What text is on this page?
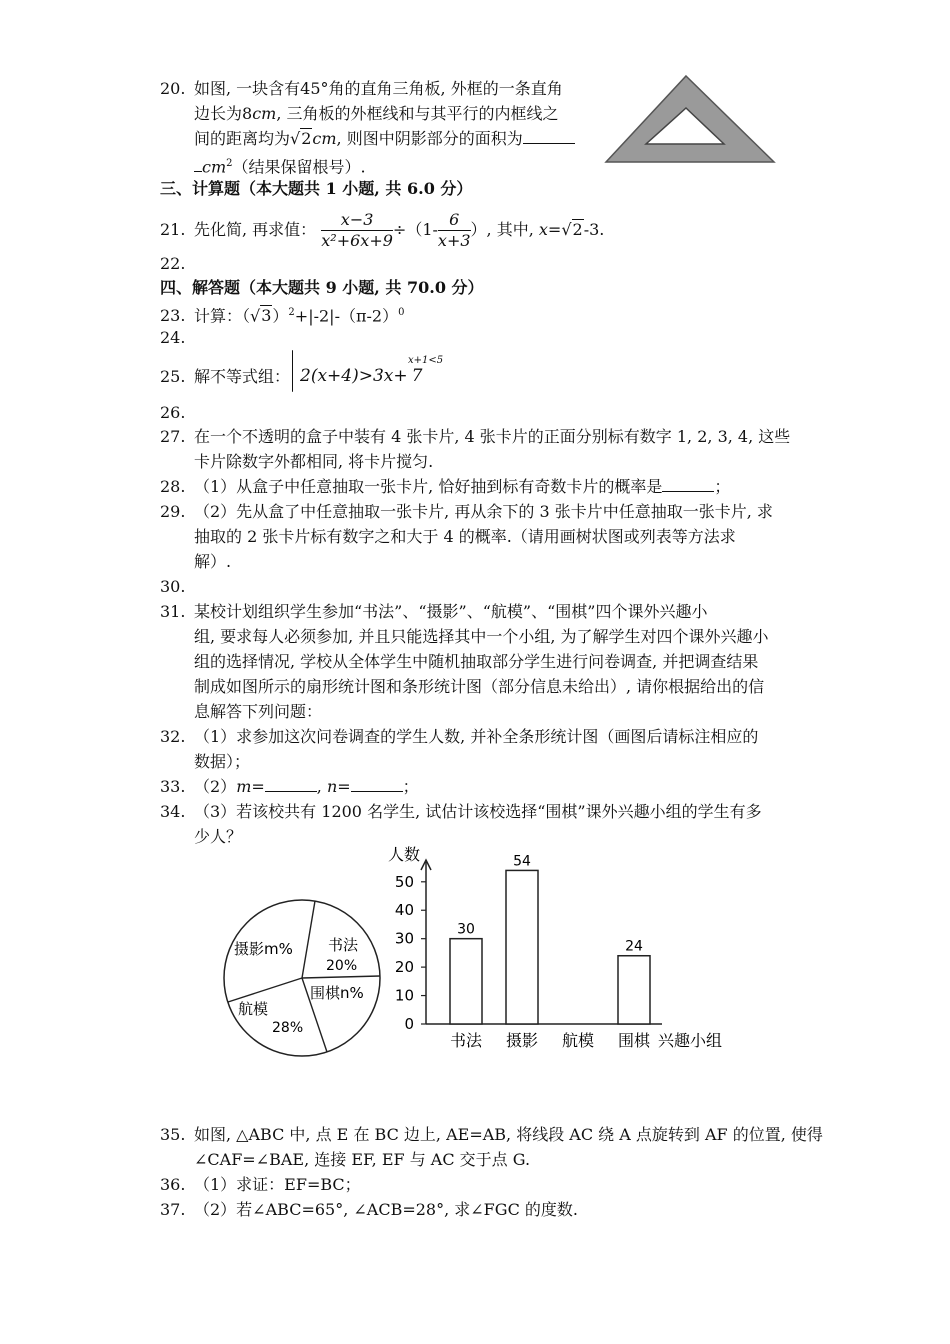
20. 如图, 一块含有45°角的直角三角板, 外框的一条直角
边长为8cm, 三角板的外框线和与其平行的内框线之
间的距离均为√2cm, 则图中阴影部分的面积为
$cm^2$（结果保留根号）.
三、计算题（本大题共 1 小题, 共 6.0 分）
21. 先化简, 再求值： $\frac{x-3}{\text{x²+6x+9}} \div(1- \frac{6}{x+3}$ ）, 其中, x=√2-3.
22.
四、解答题（本大题共 9 小题, 共 70.0 分）
23. 计算：$(√3)^2+|-2|-(\pi-2)^0$
24.
25. 解不等式组：
x+1<5
2(x+4)>3x+ 7
26.
27. 在一个不透明的盒子中装有 4 张卡片, 4 张卡片的正面分别标有数字 1, 2, 3, 4, 这些
卡片除数字外都相同, 将卡片搅匀.
28. （1）从盒子中任意抽取一张卡片, 恰好抽到标有奇数卡片的概率是	；
29. （2）先从盒了中任意抽取一张卡片, 再从余下的 3 张卡片中任意抽取一张卡片, 求
抽取的 2 张卡片标有数字之和大于 4 的概率.（请用画树状图或列表等方法求
解）.
30.
31. 某校计划组织学生参加“书法”、“摄影”、“航模”、“围棋”四个课外兴趣小
组, 要求每人必须参加, 并且只能选择其中一个小组, 为了解学生对四个课外兴趣小
组的选择情况, 学校从全体学生中随机抽取部分学生进行问卷调查, 并把调查结果
制成如图所示的扇形统计图和条形统计图（部分信息未给出）, 请你根据给出的信
息解答下列问题：
32. （1）求参加这次问卷调查的学生人数, 并补全条形统计图（画图后请标注相应的
数据）；
33. （2）m=	, n=	；
34. （3）若该校共有 1200 名学生, 试估计该校选择“围棋”课外兴趣小组的学生有多
少人？
摄影m% 书法
20%
围棋n%
航模
28%
人数
兴趣小组
0
10
20
30
40
50
30
书法
54
摄影 航模
24
围棋
35. 如图, △ABC 中, 点 E 在 BC 边上, AE=AB, 将线段 AC 绕 A 点旋转到 AF 的位置, 使得
∠CAF=∠BAE, 连接 EF, EF 与 AC 交于点 G.
36. （1）求证：EF=BC；
37. （2）若∠ABC=65°, ∠ACB=28°, 求∠FGC 的度数.
